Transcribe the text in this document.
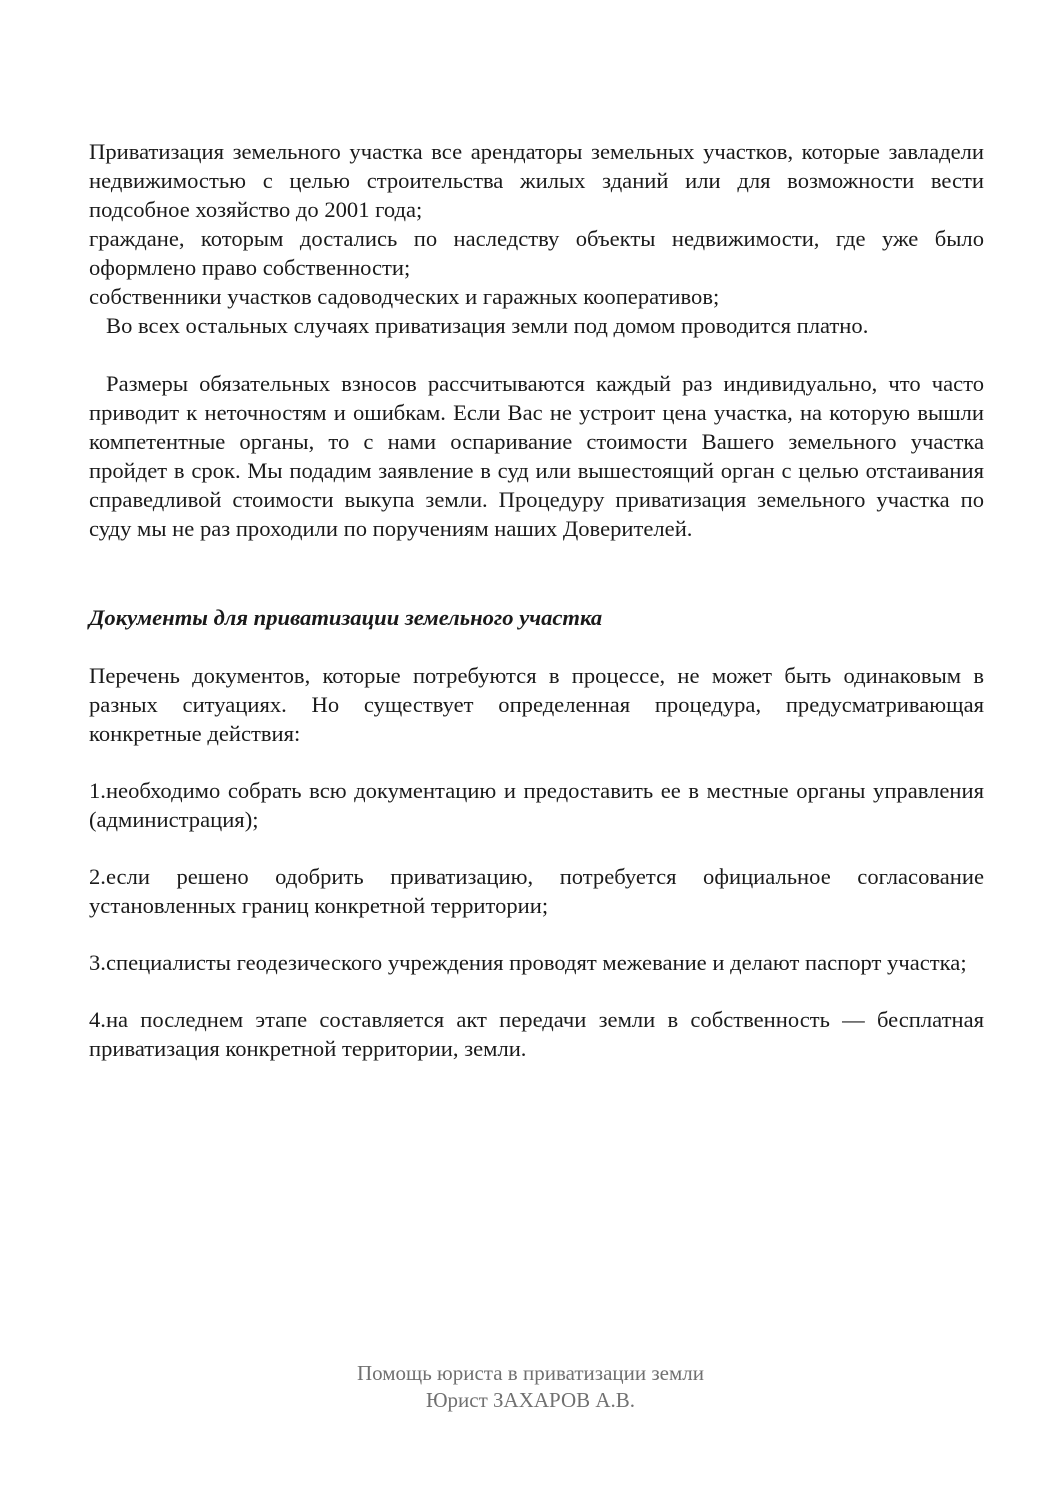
Приватизация земельного участка все арендаторы земельных участков, которые завладели недвижимостью с целью строительства жилых зданий или для возможности вести подсобное хозяйство до 2001 года;

граждане, которым достались по наследству объекты недвижимости, где уже было оформлено право собственности;

собственники участков садоводческих и гаражных кооперативов;

Во всех остальных случаях приватизация земли под домом проводится платно.

Размеры обязательных взносов рассчитываются каждый раз индивидуально, что часто приводит к неточностям и ошибкам. Если Вас не устроит цена участка, на которую вышли компетентные органы, то с нами оспаривание стоимости Вашего земельного участка пройдет в срок. Мы подадим заявление в суд или вышестоящий орган с целью отстаивания справедливой стоимости выкупа земли. Процедуру приватизация земельного участка по суду мы не раз проходили по поручениям наших Доверителей.

Документы для приватизации земельного участка

Перечень документов, которые потребуются в процессе, не может быть одинаковым в разных ситуациях. Но существует определенная процедура, предусматривающая конкретные действия:

1.необходимо собрать всю документацию и предоставить ее в местные органы управления (администрация);

2.если решено одобрить приватизацию, потребуется официальное согласование установленных границ конкретной территории;

3.специалисты геодезического учреждения проводят межевание и делают паспорт участка;

4.на последнем этапе составляется акт передачи земли в собственность — бесплатная приватизация конкретной территории, земли.

Помощь юриста в приватизации земли
Юрист ЗАХАРОВ А.В.
